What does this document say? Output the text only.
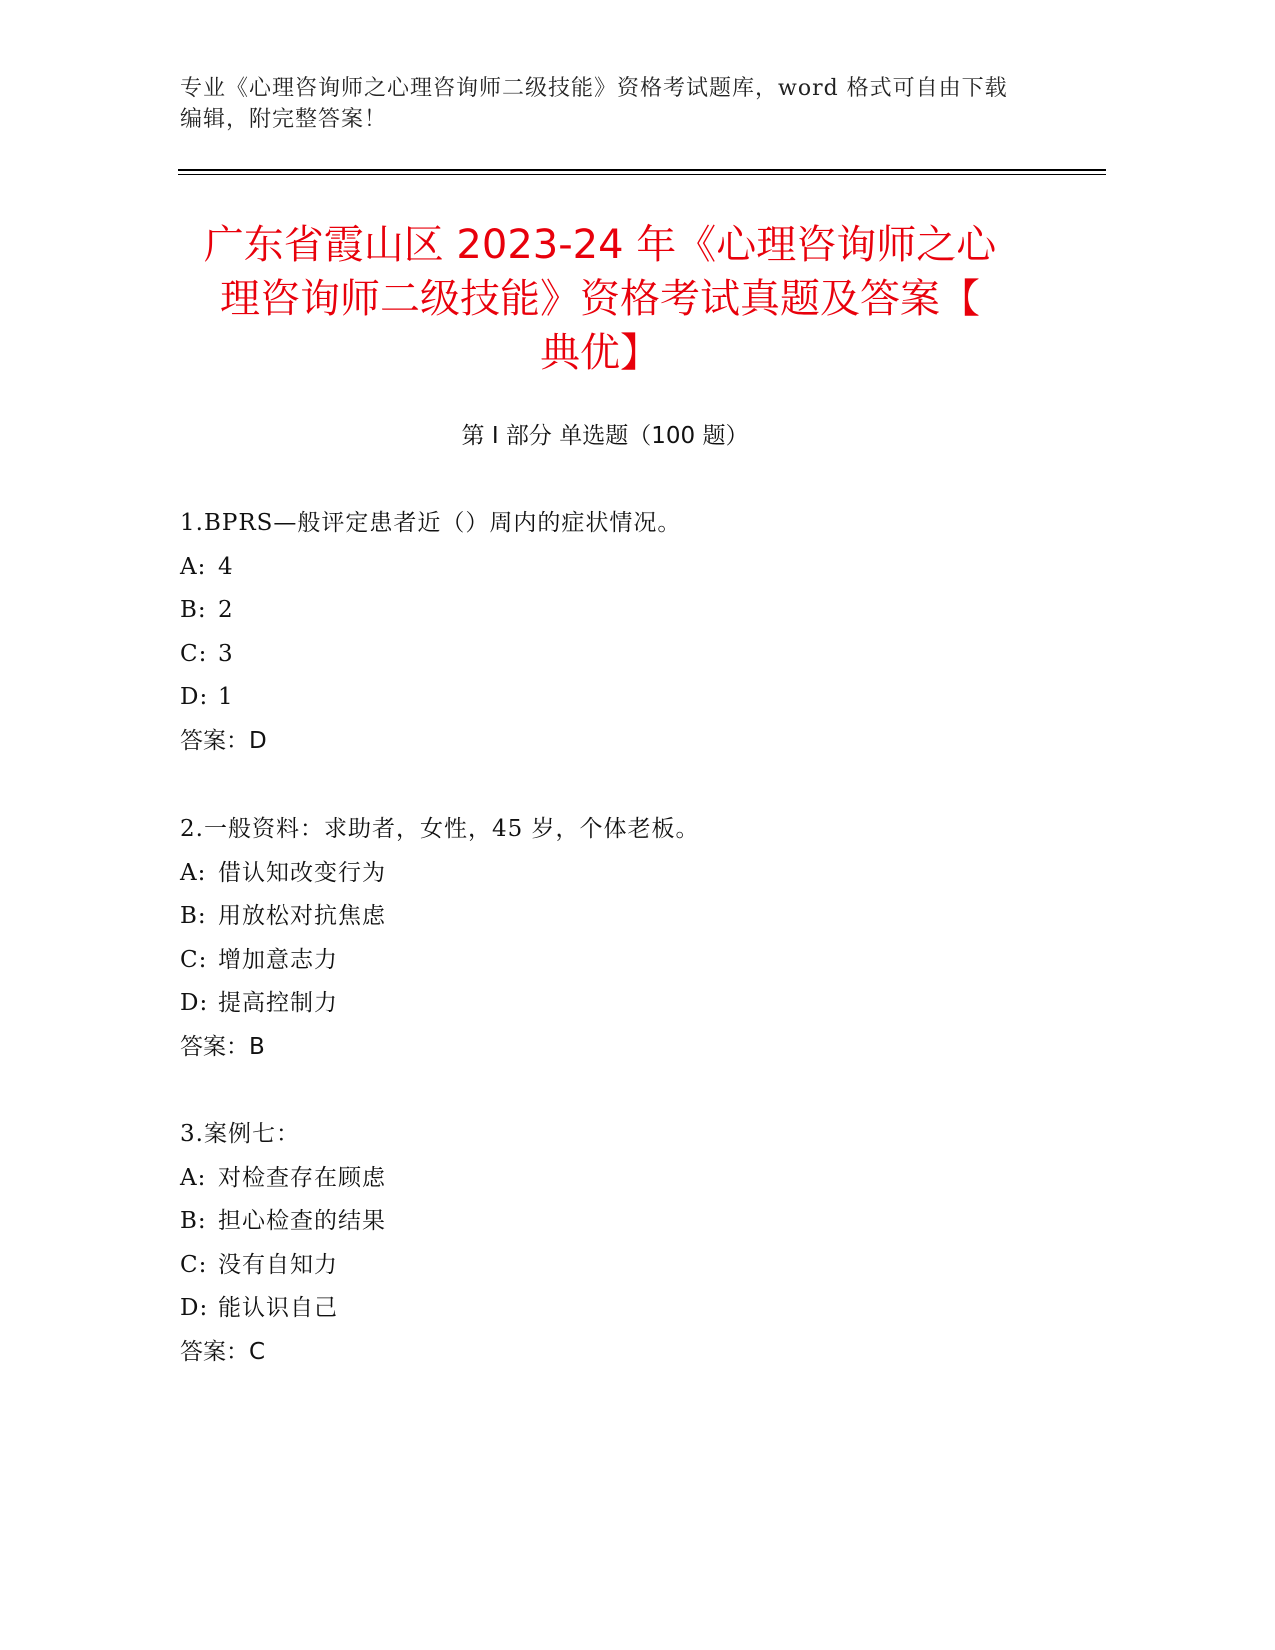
专业《心理咨询师之心理咨询师二级技能》资格考试题库，word 格式可自由下载
编辑，附完整答案！
广东省霞山区 2023-24 年《心理咨询师之心
理咨询师二级技能》资格考试真题及答案【
典优】
第 I 部分 单选题（100 题）
1.BPRS—般评定患者近（）周内的症状情况。
A: 4
B: 2
C: 3
D: 1
答案：D
2.一般资料：求助者，女性，45 岁，个体老板。
A: 借认知改变行为
B: 用放松对抗焦虑
C: 增加意志力
D: 提高控制力
答案：B
3.案例七：
A: 对检查存在顾虑
B: 担心检查的结果
C: 没有自知力
D: 能认识自己
答案：C
